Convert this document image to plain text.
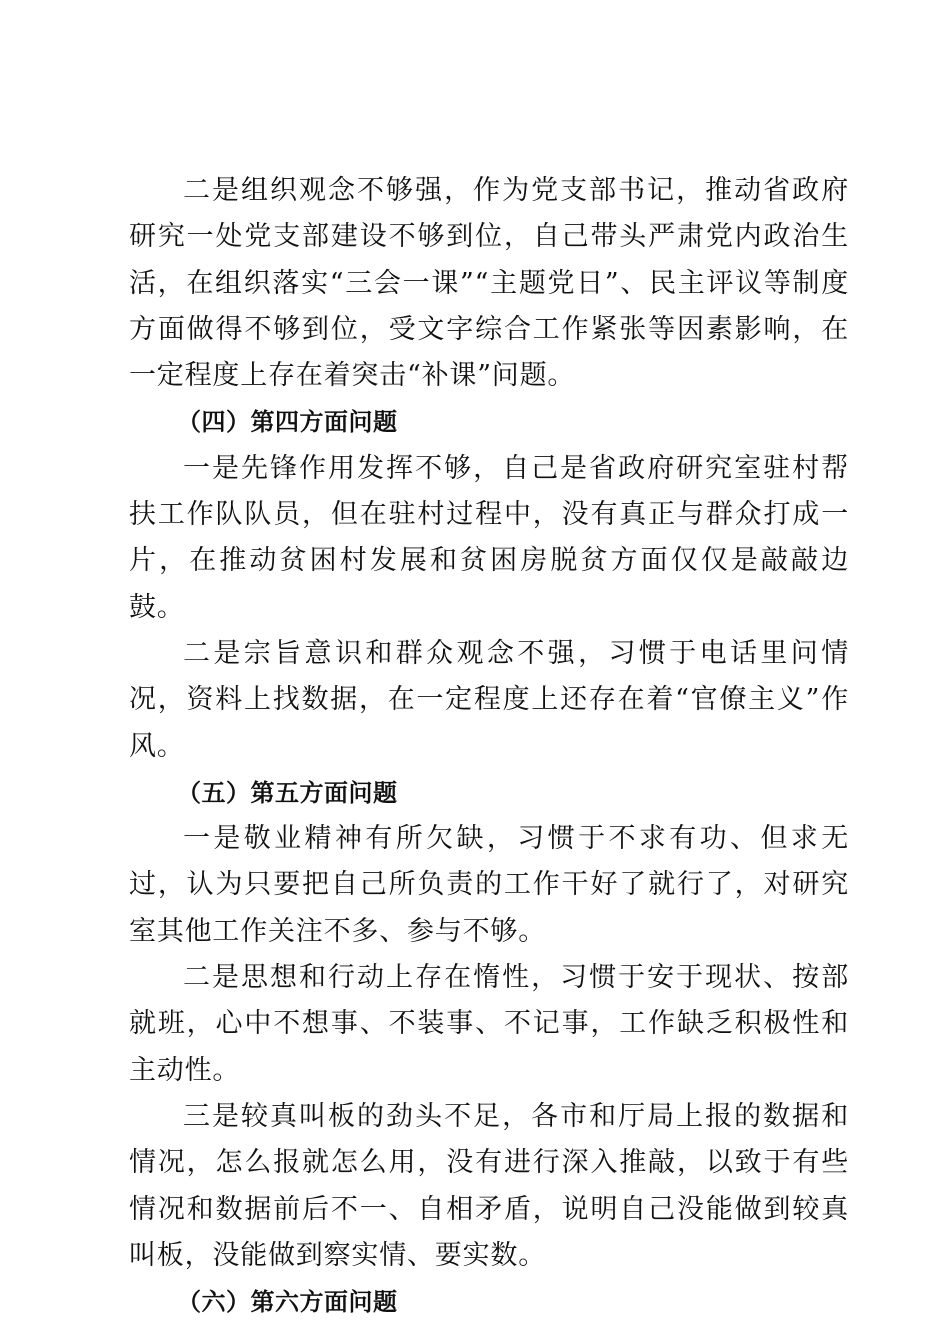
二是组织观念不够强，作为党支部书记，推动省政府研究一处党支部建设不够到位，自己带头严肃党内政治生活，在组织落实“三会一课”“主题党日”、民主评议等制度方面做得不够到位，受文字综合工作紧张等因素影响，在一定程度上存在着突击“补课”问题。

（四）第四方面问题

一是先锋作用发挥不够，自己是省政府研究室驻村帮扶工作队队员，但在驻村过程中，没有真正与群众打成一片，在推动贫困村发展和贫困房脱贫方面仅仅是敲敲边鼓。

二是宗旨意识和群众观念不强，习惯于电话里问情况，资料上找数据，在一定程度上还存在着“官僚主义”作风。

（五）第五方面问题

一是敬业精神有所欠缺，习惯于不求有功、但求无过，认为只要把自己所负责的工作干好了就行了，对研究室其他工作关注不多、参与不够。

二是思想和行动上存在惰性，习惯于安于现状、按部就班，心中不想事、不装事、不记事，工作缺乏积极性和主动性。

三是较真叫板的劲头不足，各市和厅局上报的数据和情况，怎么报就怎么用，没有进行深入推敲，以致于有些情况和数据前后不一、自相矛盾，说明自己没能做到较真叫板，没能做到察实情、要实数。

（六）第六方面问题
